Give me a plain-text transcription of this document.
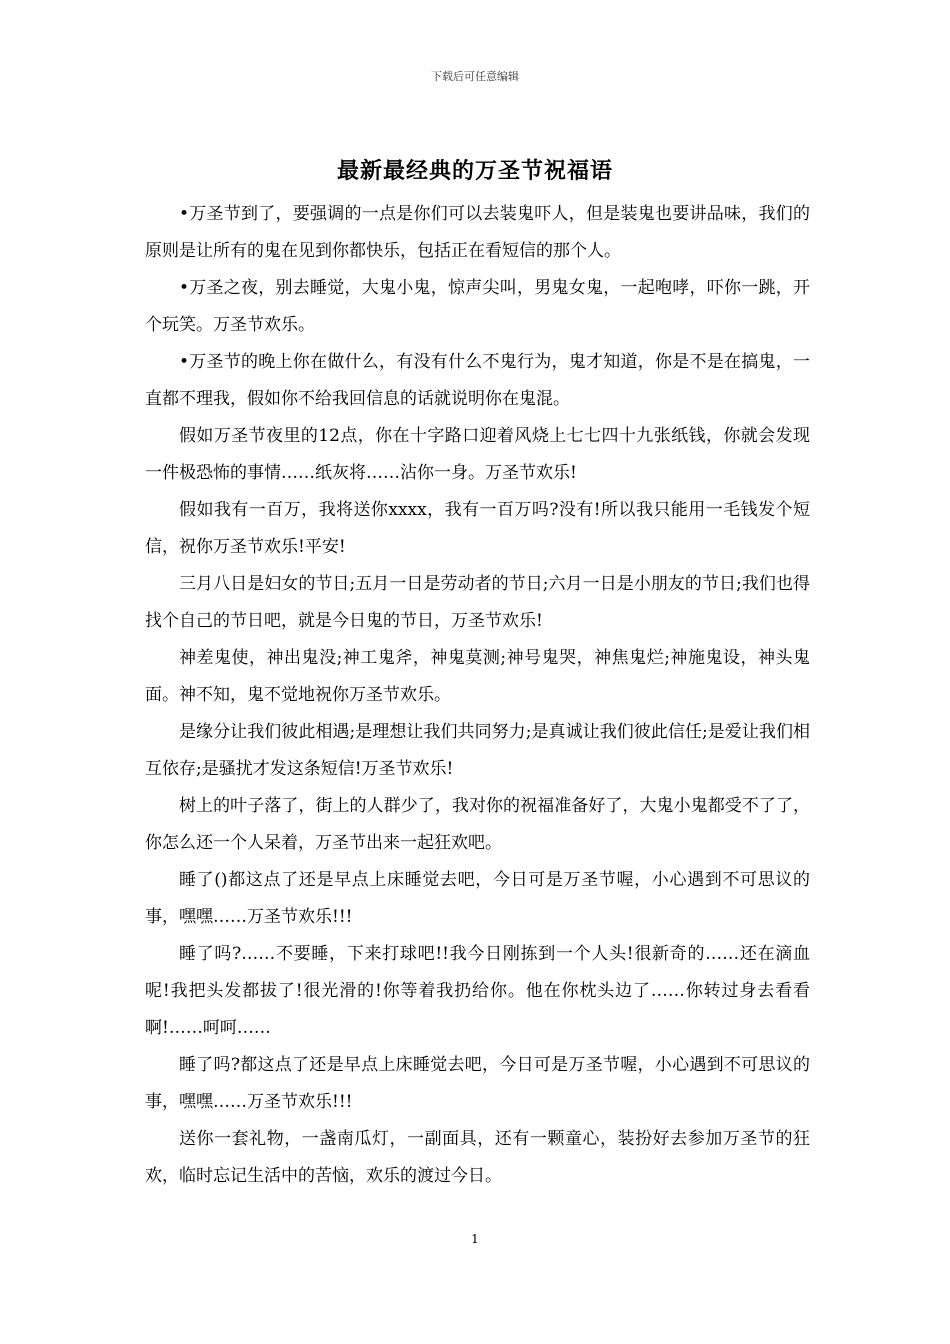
下载后可任意编辑
最新最经典的万圣节祝福语

•万圣节到了，要强调的一点是你们可以去装鬼吓人，但是装鬼也要讲品味，我们的原则是让所有的鬼在见到你都快乐，包括正在看短信的那个人。

•万圣之夜，别去睡觉，大鬼小鬼，惊声尖叫，男鬼女鬼，一起咆哮，吓你一跳，开个玩笑。万圣节欢乐。

•万圣节的晚上你在做什么，有没有什么不鬼行为，鬼才知道，你是不是在搞鬼，一直都不理我，假如你不给我回信息的话就说明你在鬼混。

假如万圣节夜里的12点，你在十字路口迎着风烧上七七四十九张纸钱，你就会发现一件极恐怖的事情……纸灰将……沾你一身。万圣节欢乐!

假如我有一百万，我将送你xxxx，我有一百万吗?没有!所以我只能用一毛钱发个短信，祝你万圣节欢乐!平安!

三月八日是妇女的节日;五月一日是劳动者的节日;六月一日是小朋友的节日;我们也得找个自己的节日吧，就是今日鬼的节日，万圣节欢乐!

神差鬼使，神出鬼没;神工鬼斧，神鬼莫测;神号鬼哭，神焦鬼烂;神施鬼设，神头鬼面。神不知，鬼不觉地祝你万圣节欢乐。

是缘分让我们彼此相遇;是理想让我们共同努力;是真诚让我们彼此信任;是爱让我们相互依存;是骚扰才发这条短信!万圣节欢乐!

树上的叶子落了，街上的人群少了，我对你的祝福准备好了，大鬼小鬼都受不了了，你怎么还一个人呆着，万圣节出来一起狂欢吧。

睡了()都这点了还是早点上床睡觉去吧，今日可是万圣节喔，小心遇到不可思议的事，嘿嘿……万圣节欢乐!!!

睡了吗?……不要睡，下来打球吧!!我今日刚拣到一个人头!很新奇的……还在滴血呢!我把头发都拔了!很光滑的!你等着我扔给你。他在你枕头边了……你转过身去看看啊!……呵呵……

睡了吗?都这点了还是早点上床睡觉去吧，今日可是万圣节喔，小心遇到不可思议的事，嘿嘿……万圣节欢乐!!!

送你一套礼物，一盏南瓜灯，一副面具，还有一颗童心，装扮好去参加万圣节的狂欢，临时忘记生活中的苦恼，欢乐的渡过今日。

1
